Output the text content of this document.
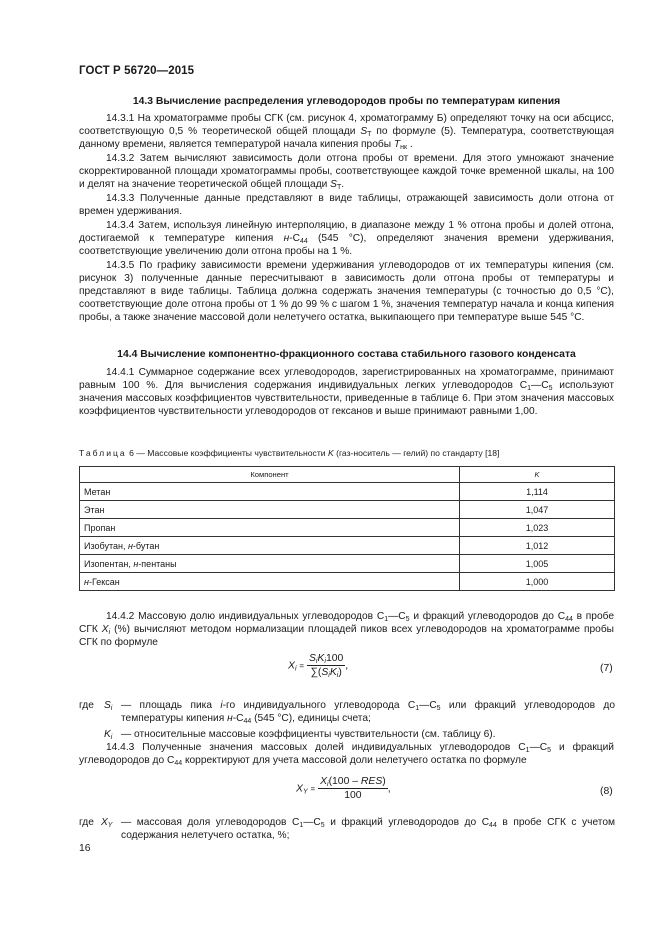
ГОСТ Р 56720—2015
14.3 Вычисление распределения углеводородов пробы по температурам кипения

14.3.1 На хроматограмме пробы СГК (см. рисунок 4, хроматограмму Б) определяют точку на оси абсцисс, соответствующую 0,5 % теоретической общей площади $S_T$ по формуле (5). Температура, соответствующая данному времени, является температурой начала кипения пробы $T_{нк}$ .

14.3.2 Затем вычисляют зависимость доли отгона пробы от времени. Для этого умножают значение скорректированной площади хроматограммы пробы, соответствующее каждой точке временной шкалы, на 100 и делят на значение теоретической общей площади $S_T$.

14.3.3 Полученные данные представляют в виде таблицы, отражающей зависимость доли отгона от времен удерживания.

14.3.4 Затем, используя линейную интерполяцию, в диапазоне между 1 % отгона пробы и долей отгона, достигаемой к температуре кипения $н-С_{44}$ (545 °С), определяют значения времени удерживания, соответствующие увеличению доли отгона пробы на 1 %.

14.3.5 По графику зависимости времени удерживания углеводородов от их температуры кипения (см. рисунок 3) полученные данные пересчитывают в зависимость доли отгона пробы от температуры и представляют в виде таблицы. Таблица должна содержать значения температуры (с точностью до 0,5 °С), соответствующие доле отгона пробы от 1 % до 99 % с шагом 1 %, значения температур начала и конца кипения пробы, а также значение массовой доли нелетучего остатка, выкипающего при температуре выше 545 °С.

14.4 Вычисление компонентно-фракционного состава стабильного газового конденсата

14.4.1 Суммарное содержание всех углеводородов, зарегистрированных на хроматограмме, принимают равным 100 %. Для вычисления содержания индивидуальных легких углеводородов $С_1—С_5$ используют значения массовых коэффициентов чувствительности, приведенные в таблице 6. При этом значения массовых коэффициентов чувствительности углеводородов от гексанов и выше принимают равными 1,00.

Таблица 6 — Массовые коэффициенты чувствительности K (газ-носитель — гелий) по стандарту [18]
Компонент	K
Метан	1,114
Этан	1,047
Пропан	1,023
Изобутан, н-бутан	1,012
Изопентан, н-пентаны	1,005
н-Гексан	1,000

14.4.2 Массовую долю индивидуальных углеводородов $С_1—С_5$ и фракций углеводородов до $С_{44}$ в пробе СГК $X_i$ (%) вычисляют методом нормализации площадей пиков всех углеводородов на хроматограмме пробы СГК по формуле

$X_i = \frac{S_iK_i100}{\sum(S_iK_i)}$ ,	(7)
где $S_i$ — площадь пика i-го индивидуального углеводорода $С_1—С_5$ или фракций углеводородов до температуры кипения $н-С_{44}$ (545 °С), единицы счета;
$K_i$ — относительные массовые коэффициенты чувствительности (см. таблицу 6).

14.4.3 Полученные значения массовых долей индивидуальных углеводородов $С_1—С_5$ и фракций углеводородов до $С_{44}$ корректируют для учета массовой доли нелетучего остатка по формуле

$X_Y = \frac{X_i(100 - RES)}{100}$ ,	(8)
где $X_Y$ — массовая доля углеводородов $С_1—С_5$ и фракций углеводородов до $С_{44}$ в пробе СГК с учетом содержания нелетучего остатка, %;
16
